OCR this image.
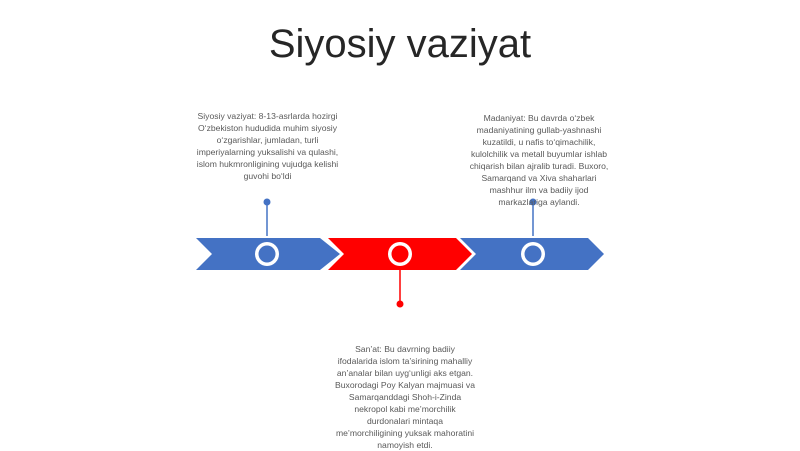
Siyosiy vaziyat
Siyosiy vaziyat: 8-13-asrlarda hozirgi O‘zbekiston hududida muhim siyosiy o‘zgarishlar, jumladan, turli imperiyalarning yuksalishi va qulashi, islom hukmronligining vujudga kelishi guvohi bo‘ldi
Madaniyat: Bu davrda o‘zbek madaniyatining gullab-yashnashi kuzatildi, u nafis to‘qimachilik, kulolchilik va metall buyumlar ishlab chiqarish bilan ajralib turadi. Buxoro, Samarqand va Xiva shaharlari mashhur ilm va badiiy ijod markazlariga aylandi.
San’at: Bu davrning badiiy ifodalarida islom ta’sirining mahalliy an’analar bilan uyg‘unligi aks etgan. Buxorodagi Poy Kalyan majmuasi va Samarqanddagi Shoh-i-Zinda nekropol kabi me’morchilik durdonalari mintaqa me’morchiligining yuksak mahoratini namoyish etdi.
